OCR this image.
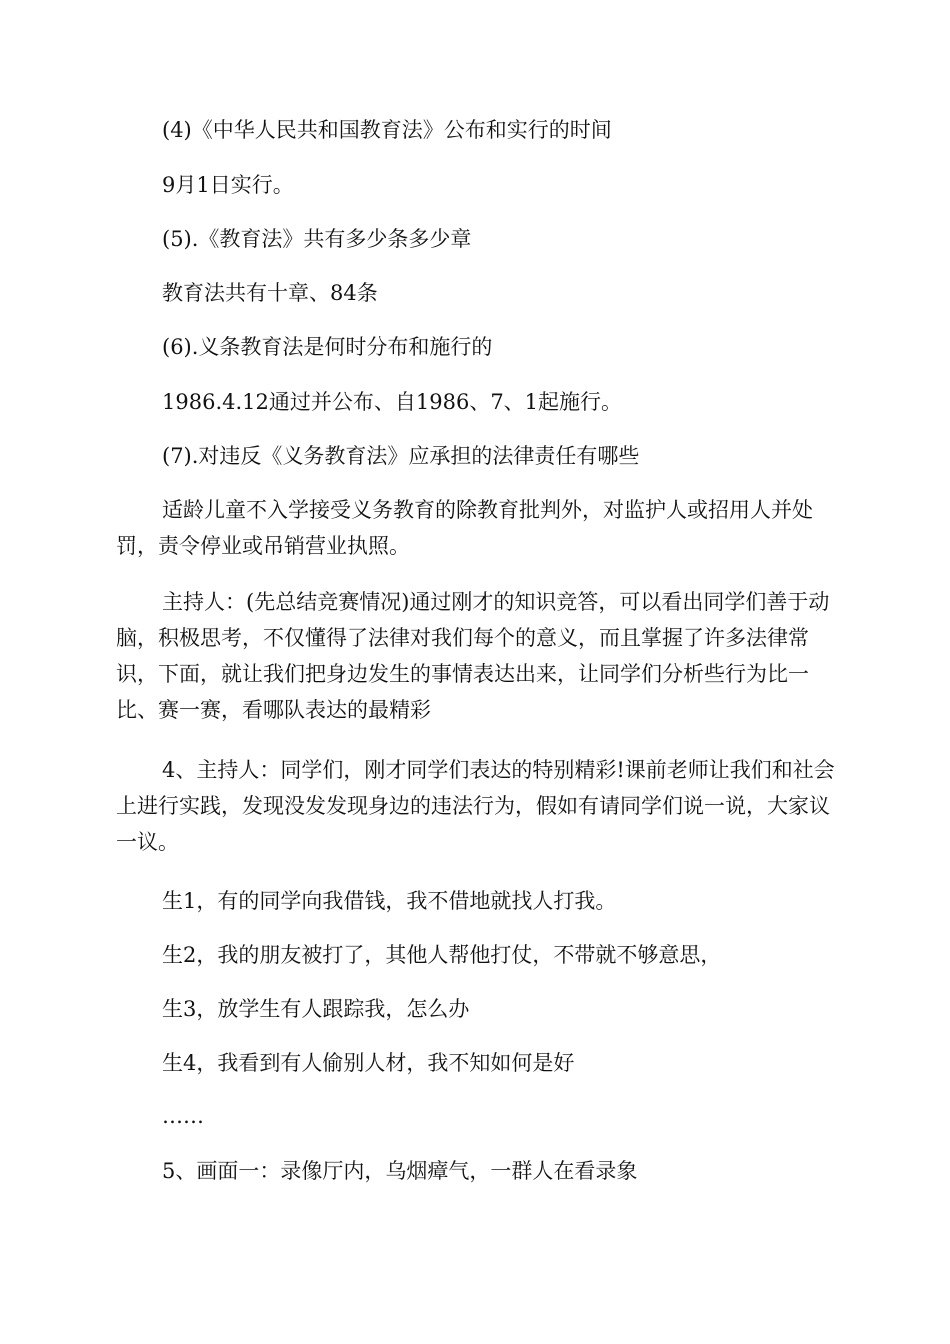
(4)《中华人民共和国教育法》公布和实行的时间

9月1日实行。

(5).《教育法》共有多少条多少章

教育法共有十章、84条

(6).义条教育法是何时分布和施行的

1986.4.12通过并公布、自1986、7、1起施行。

(7).对违反《义务教育法》应承担的法律责任有哪些

适龄儿童不入学接受义务教育的除教育批判外，对监护人或招用人并处罚，责令停业或吊销营业执照。

主持人：(先总结竞赛情况)通过刚才的知识竞答，可以看出同学们善于动脑，积极思考，不仅懂得了法律对我们每个的意义，而且掌握了许多法律常识，下面，就让我们把身边发生的事情表达出来，让同学们分析些行为比一比、赛一赛，看哪队表达的最精彩

4、主持人：同学们，刚才同学们表达的特别精彩!课前老师让我们和社会上进行实践，发现没发发现身边的违法行为，假如有请同学们说一说，大家议一议。

生1，有的同学向我借钱，我不借地就找人打我。

生2，我的朋友被打了，其他人帮他打仗，不带就不够意思，

生3，放学生有人跟踪我，怎么办

生4，我看到有人偷别人材，我不知如何是好

……

5、画面一：录像厅内，乌烟瘴气，一群人在看录象
